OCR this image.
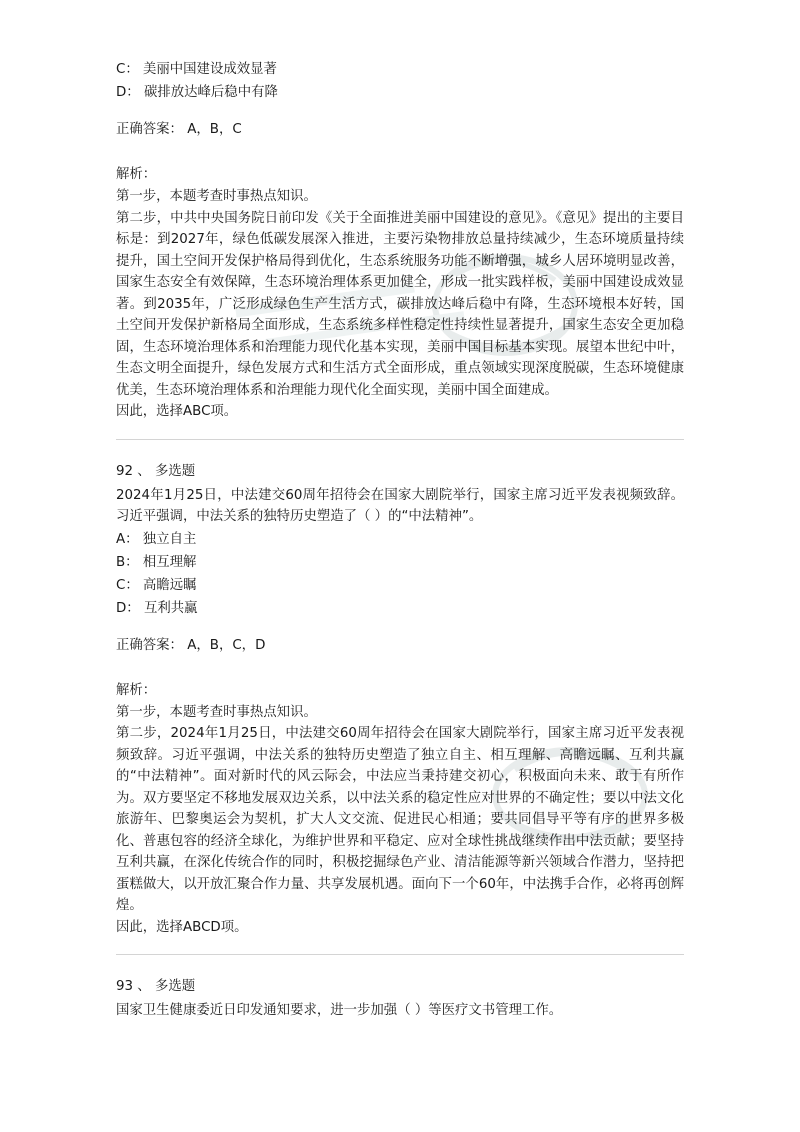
C： 美丽中国建设成效显著
D： 碳排放达峰后稳中有降
正确答案： A，B，C
解析：
第一步，本题考查时事热点知识。
第二步，中共中央国务院日前印发《关于全面推进美丽中国建设的意见》。《意见》提出的主要目标是：到2027年，绿色低碳发展深入推进，主要污染物排放总量持续减少，生态环境质量持续提升，国土空间开发保护格局得到优化，生态系统服务功能不断增强，城乡人居环境明显改善，国家生态安全有效保障，生态环境治理体系更加健全，形成一批实践样板，美丽中国建设成效显著。到2035年，广泛形成绿色生产生活方式，碳排放达峰后稳中有降，生态环境根本好转，国土空间开发保护新格局全面形成，生态系统多样性稳定性持续性显著提升，国家生态安全更加稳固，生态环境治理体系和治理能力现代化基本实现，美丽中国目标基本实现。展望本世纪中叶，生态文明全面提升，绿色发展方式和生活方式全面形成，重点领域实现深度脱碳，生态环境健康优美，生态环境治理体系和治理能力现代化全面实现，美丽中国全面建成。
因此，选择ABC项。
92 、 多选题
2024年1月25日，中法建交60周年招待会在国家大剧院举行，国家主席习近平发表视频致辞。习近平强调，中法关系的独特历史塑造了（ ）的“中法精神”。
A： 独立自主
B： 相互理解
C： 高瞻远瞩
D： 互利共赢
正确答案： A，B，C，D
解析：
第一步，本题考查时事热点知识。
第二步，2024年1月25日，中法建交60周年招待会在国家大剧院举行，国家主席习近平发表视频致辞。习近平强调，中法关系的独特历史塑造了独立自主、相互理解、高瞻远瞩、互利共赢的“中法精神”。面对新时代的风云际会，中法应当秉持建交初心，积极面向未来、敢于有所作为。双方要坚定不移地发展双边关系，以中法关系的稳定性应对世界的不确定性；要以中法文化旅游年、巴黎奥运会为契机，扩大人文交流、促进民心相通；要共同倡导平等有序的世界多极化、普惠包容的经济全球化，为维护世界和平稳定、应对全球性挑战继续作出中法贡献；要坚持互利共赢，在深化传统合作的同时，积极挖掘绿色产业、清洁能源等新兴领域合作潜力，坚持把蛋糕做大，以开放汇聚合作力量、共享发展机遇。面向下一个60年，中法携手合作，必将再创辉煌。
因此，选择ABCD项。
93 、 多选题
国家卫生健康委近日印发通知要求，进一步加强（ ）等医疗文书管理工作。
